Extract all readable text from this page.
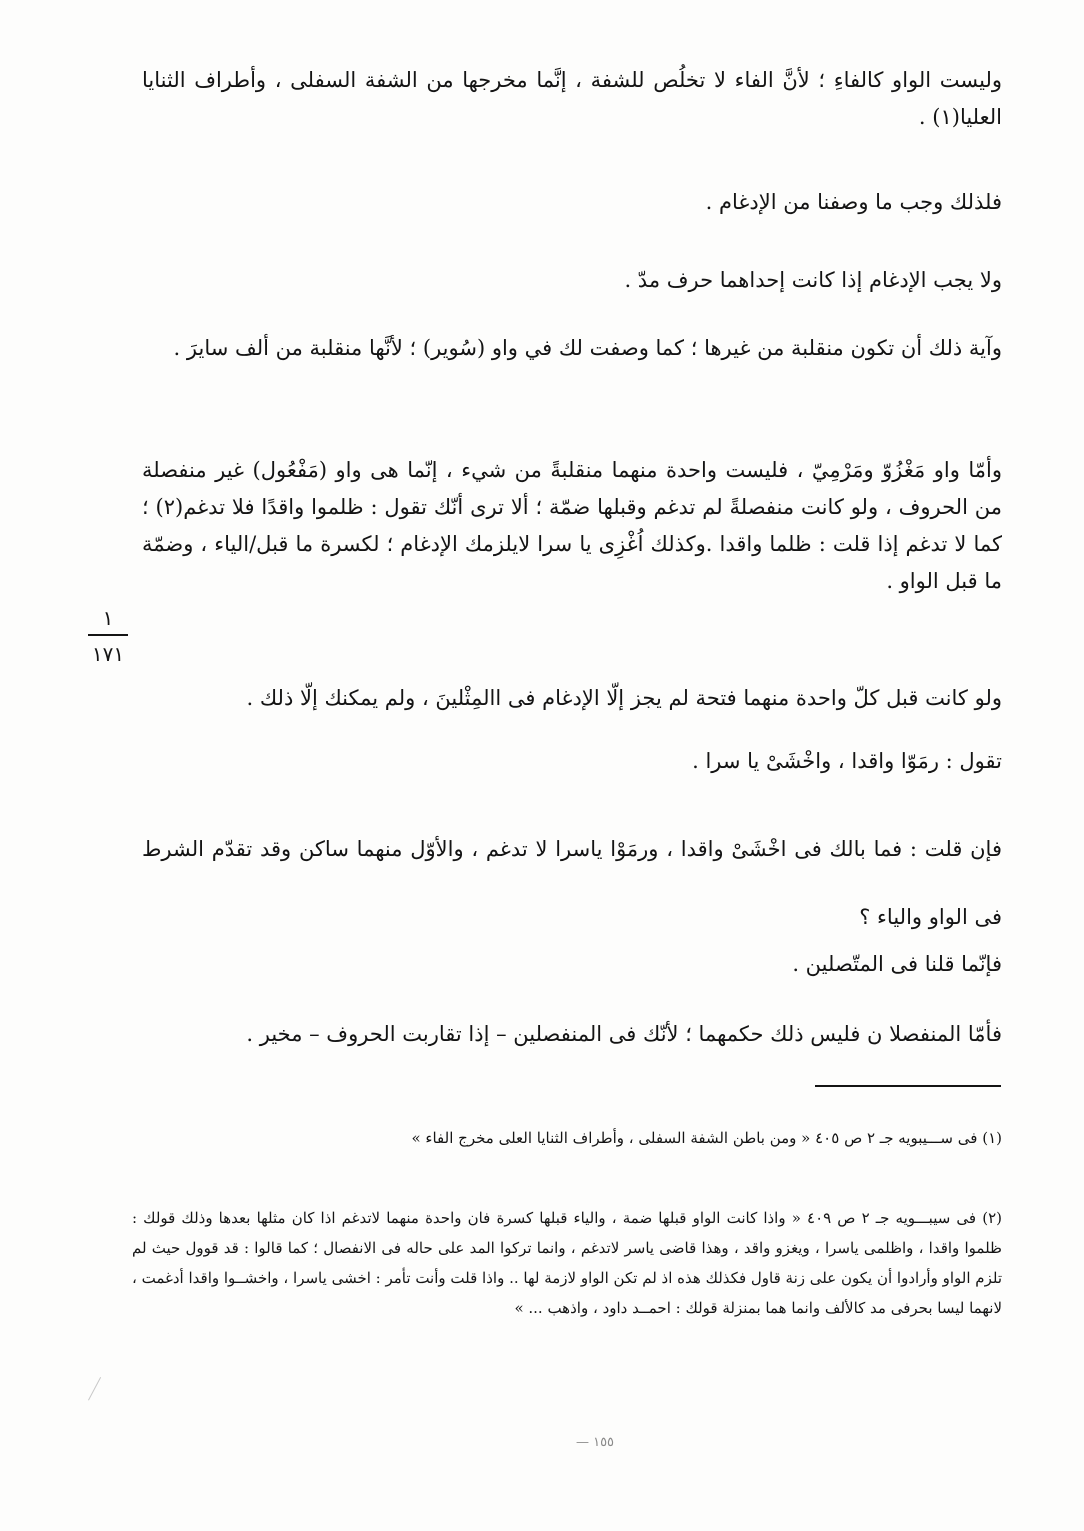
وليست الواو كالفاءِ ؛ لأنَّ الفاء لا تخلُص للشفة ، إنَّما مخرجها من الشفة السفلى ، وأطراف الثنايا العليا(١) .

فلذلك وجب ما وصفنا من الإدغام .

ولا يجب الإدغام إذا كانت إحداهما حرف مدّ .

وآية ذلك أن تكون منقلبة من غيرها ؛ كما وصفت لك في واو (سُوير) ؛ لأنَّها منقلبة من ألف سايرَ .

وأمّا واو مَغْزُوّ ومَرْمِيّ ، فليست واحدة منهما منقلبةً من شيء ، إنّما هى واو (مَفْعُول) غير منفصلة من الحروف ، ولو كانت منفصلةً لم تدغم وقبلها ضمّة ؛ ألا ترى أنّك تقول : ظلموا واقدًا فلا تدغم(٢) ؛ كما لا تدغم إذا قلت : ظلما واقدا .وكذلك اُغْزِى يا سرا لايلزمك الإدغام ؛ لكسرة ما قبل/الياء ، وضمّة ما قبل الواو .

ولو كانت قبل كلّ واحدة منهما فتحة لم يجز إلّا الإدغام فى االمِثْلينَ ، ولم يمكنك إلّا ذلك .

تقول : رمَوّا واقدا ، واخْشَىْ يا سرا .

فإن قلت : فما بالك فى اخْشَىْ واقدا ، ورمَوْا ياسرا لا تدغم ، والأوّل منهما ساكن وقد تقدّم الشرط فى الواو والياء ؟

فإنّما قلنا فى المتّصلين .

فأمّا المنفصلا ن فليس ذلك حكمهما ؛ لأنّك فى المنفصلين – إذا تقاربت الحروف – مخير .

١
١٧١

(١) فى ســـيبويه جـ ٢ ص ٤٠٥ « ومن باطن الشفة السفلى ، وأطراف الثنايا العلى مخرج الفاء »

(٢) فى سيبـــويه جـ ٢ ص ٤٠٩ « واذا كانت الواو قبلها ضمة ، والياء قبلها كسرة فان واحدة منهما لاتدغم اذا كان مثلها بعدها وذلك قولك : ظلموا واقدا ، واظلمى ياسرا ، ويغزو واقد ، وهذا قاضى ياسر لاتدغم ، وانما تركوا المد على حاله فى الانفصال ؛ كما قالوا : قد قوول حيث لم تلزم الواو وأرادوا أن يكون على زنة قاول فكذلك هذه اذ لم تكن الواو لازمة لها .. واذا قلت وأنت تأمر : اخشى ياسرا ، واخشــوا واقدا أدغمت ، لانهما ليسا بحرفى مد كالألف وانما هما بمنزلة قولك : احمــد داود ، واذهب ... »

١٥٥ —
